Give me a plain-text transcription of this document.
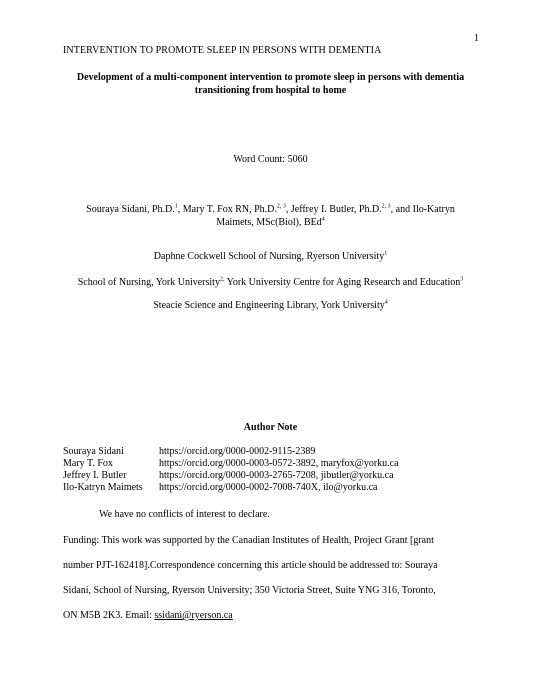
1
INTERVENTION TO PROMOTE SLEEP IN PERSONS WITH DEMENTIA
Development of a multi-component intervention to promote sleep in persons with dementia
transitioning from hospital to home
Word Count: 5060
Souraya Sidani, Ph.D.$^1$, Mary T. Fox RN, Ph.D.$^{2, 3}$, Jeffrey I. Butler, Ph.D.$^{2, 3}$, and Ilo-Katryn
Maimets, MSc(Biol), BEd$^4$
Daphne Cockwell School of Nursing, Ryerson University$^1$
School of Nursing, York University$^{2,}$ York University Centre for Aging Research and Education$^3$
Steacie Science and Engineering Library, York University$^4$
Author Note
Souraya Sidani	https://orcid.org/0000-0002-9115-2389
Mary T. Fox	https://orcid.org/0000-0003-0572-3892, maryfox@yorku.ca
Jeffrey I. Butler	https://orcid.org/0000-0003-2765-7208, jibutler@yorku.ca
Ilo-Katryn Maimets	https://orcid.org/0000-0002-7008-740X, ilo@yorku.ca
We have no conflicts of interest to declare.
Funding: This work was supported by the Canadian Institutes of Health, Project Grant [grant
number PJT-162418].Correspondence concerning this article should be addressed to: Souraya
Sidani, School of Nursing, Ryerson University; 350 Victoria Street, Suite YNG 316, Toronto,
ON M5B 2K3. Email: ssidani@ryerson.ca
